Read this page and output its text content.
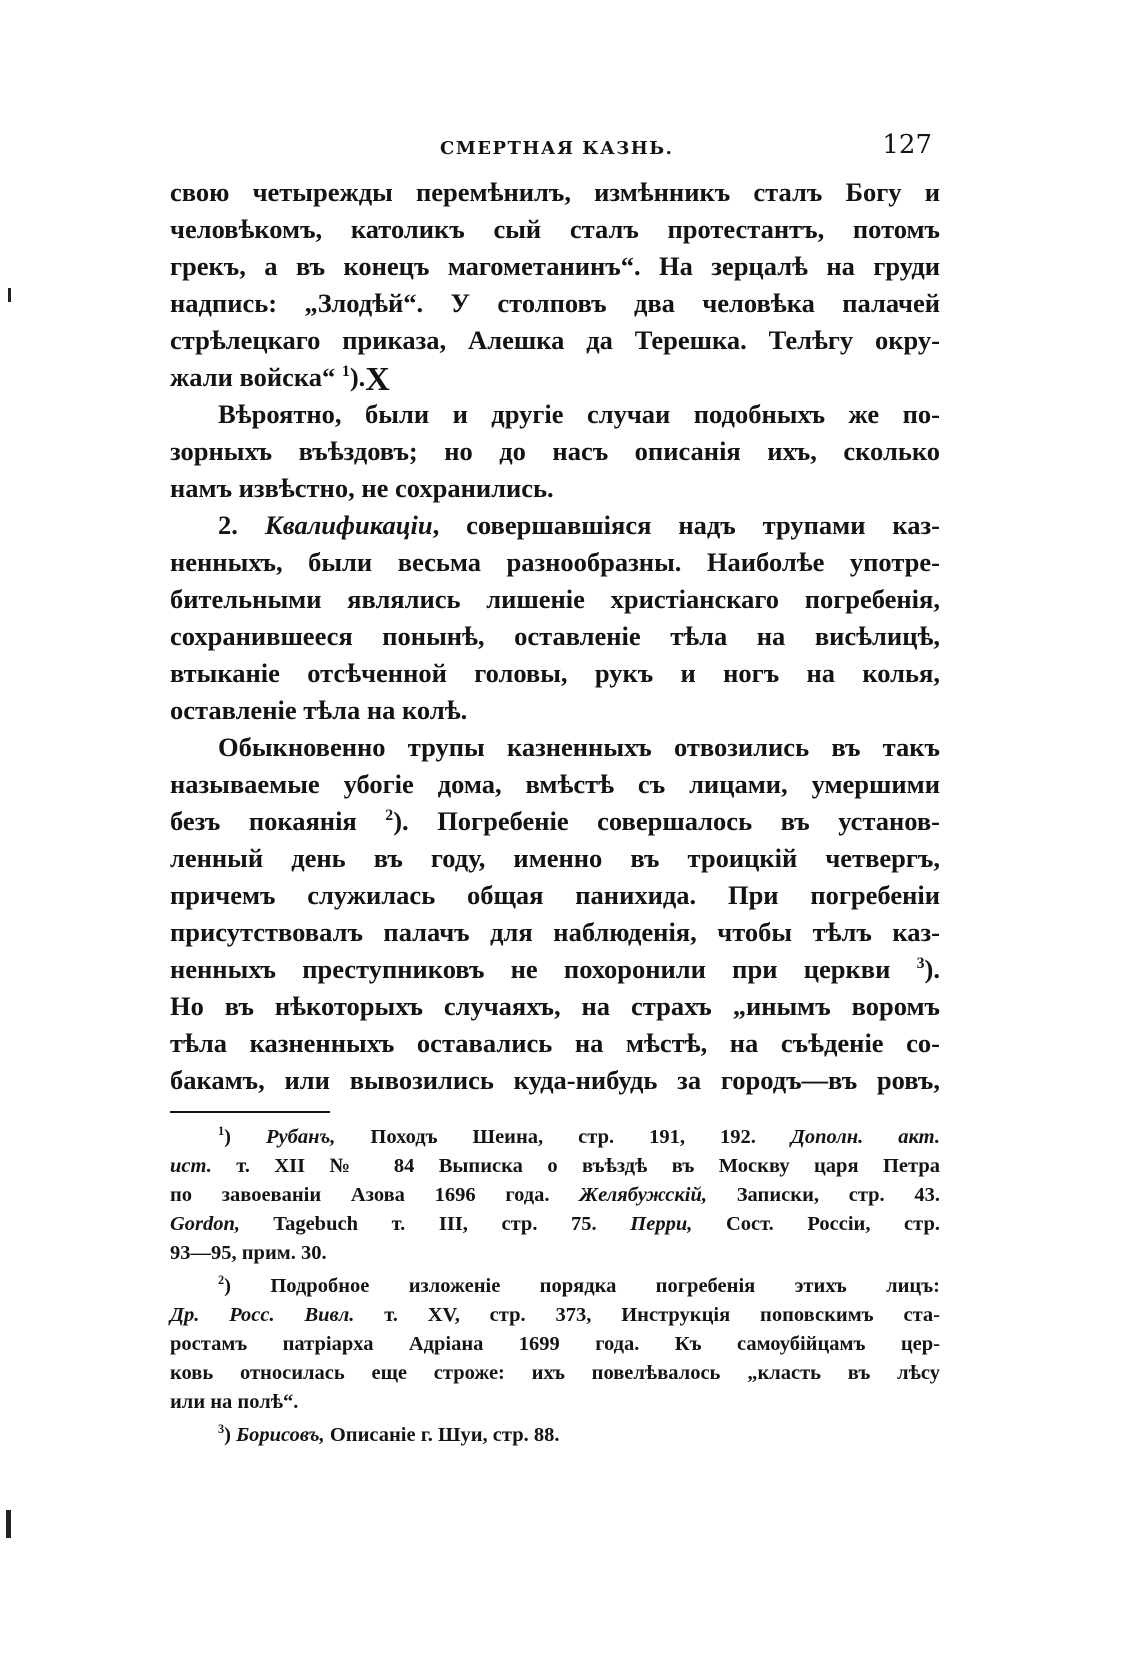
СМЕРТНАЯ КАЗНЬ.	127

свою четырежды перемѣнилъ, измѣнникъ сталъ Богу и
человѣкомъ, католикъ сый сталъ протестантъ, потомъ
грекъ, а въ конецъ магометанинъ“. На зерцалѣ на груди
надпись: „Злодѣй“. У столповъ два человѣка палачей
стрѣлецкаго приказа, Алешка да Терешка. Телѣгу окру-
жали войска“ $^1$).X

Вѣроятно, были и другіе случаи подобныхъ же по-
зорныхъ въѣздовъ; но до насъ описанія ихъ, сколько
намъ извѣстно, не сохранились.

2. Квалификаціи, совершавшіяся надъ трупами каз-
ненныхъ, были весьма разнообразны. Наиболѣе употре-
бительными являлись лишеніе христіанскаго погребенія,
сохранившееся понынѣ, оставленіе тѣла на висѣлицѣ,
втыканіе отсѣченной головы, рукъ и ногъ на колья,
оставленіе тѣла на колѣ.

Обыкновенно трупы казненныхъ отвозились въ такъ
называемые убогіе дома, вмѣстѣ съ лицами, умершими
безъ покаянія $^2$). Погребеніе совершалось въ установ-
ленный день въ году, именно въ троицкій четвергъ,
причемъ служилась общая панихида. При погребеніи
присутствовалъ палачъ для наблюденія, чтобы тѣлъ каз-
ненныхъ преступниковъ не похоронили при церкви $^3$).
Но въ нѣкоторыхъ случаяхъ, на страхъ „инымъ воромъ
тѣла казненныхъ оставались на мѣстѣ, на съѣденіе со-
бакамъ, или вывозились куда-нибудь за городъ—въ ровъ,

$^1$) Рубанъ, Походъ Шеина, стр. 191, 192. Дополн. акт.
ист. т. XII № 84 Выписка о въѣздѣ въ Москву царя Петра
по завоеваніи Азова 1696 года. Желябужскій, Записки, стр. 43.
Gordon, Tagebuch т. III, стр. 75. Перри, Сост. Россіи, стр.
93—95, прим. 30.

$^2$) Подробное изложеніе порядка погребенія этихъ лицъ:
Др. Росс. Вивл. т. XV, стр. 373, Инструкція поповскимъ ста-
ростамъ патріарха Адріана 1699 года. Къ самоубійцамъ цер-
ковь относилась еще строже: ихъ повелѣвалось „класть въ лѣсу
или на полѣ“.

$^3$) Борисовъ, Описаніе г. Шуи, стр. 88.
